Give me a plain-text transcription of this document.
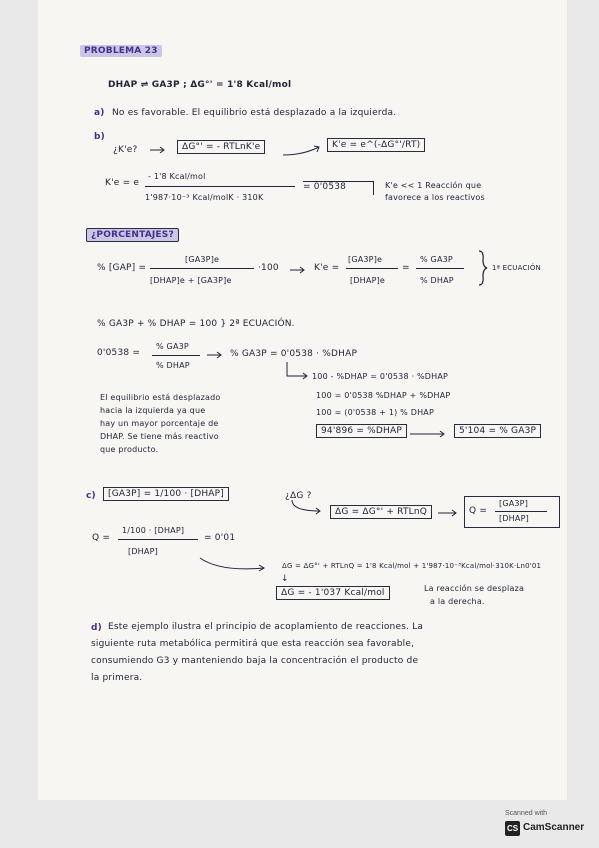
PROBLEMA 23
DHAP ⇌ GA3P ; ΔG°' = 1'8 Kcal/mol
a) No es favorable. El equilibrio está desplazado a la izquierda.
b)
¿K'e?	ΔG°' = - RTLnK'e	K'e = e^(-ΔG°'/RT)
K'e = e
- 1'8 Kcal/mol
1'987·10⁻³ Kcal/molK · 310K
= 0'0538	K'e << 1 Reacción que
favorece a los reactivos
¿PORCENTAJES?
% [GAP] =
[GA3P]e
[DHAP]e + [GA3P]e
·100	K'e =
[GA3P]e
[DHAP]e
=
% GA3P
% DHAP
1ª ECUACIÓN
% GA3P + % DHAP = 100 } 2ª ECUACIÓN.
0'0538 =
% GA3P
% DHAP
% GA3P = 0'0538 · %DHAP
100 - %DHAP = 0'0538 · %DHAP
100 = 0'0538 %DHAP + %DHAP
100 = (0'0538 + 1) % DHAP
94'896 = %DHAP	5'104 = % GA3P
El equilibrio está desplazado
hacia la izquierda ya que
hay un mayor porcentaje de
DHAP. Se tiene más reactivo
que producto.
c)	[GA3P] = 1/100 · [DHAP]	¿ΔG ?
ΔG = ΔG°' + RTLnQ	Q =
[GA3P]
[DHAP]
Q =
1/100 · [DHAP]
[DHAP]
= 0'01
ΔG = ΔG°' + RTLnQ = 1'8 Kcal/mol + 1'987·10⁻³Kcal/mol·310K·Ln0'01
↓
ΔG = - 1'037 Kcal/mol	La reacción se desplaza
a la derecha.
d) Este ejemplo ilustra el principio de acoplamiento de reacciones. La
siguiente ruta metabólica permitirá que esta reacción sea favorable,
consumiendo G3 y manteniendo baja la concentración el producto de
la primera.
Scanned with
CS CamScanner
